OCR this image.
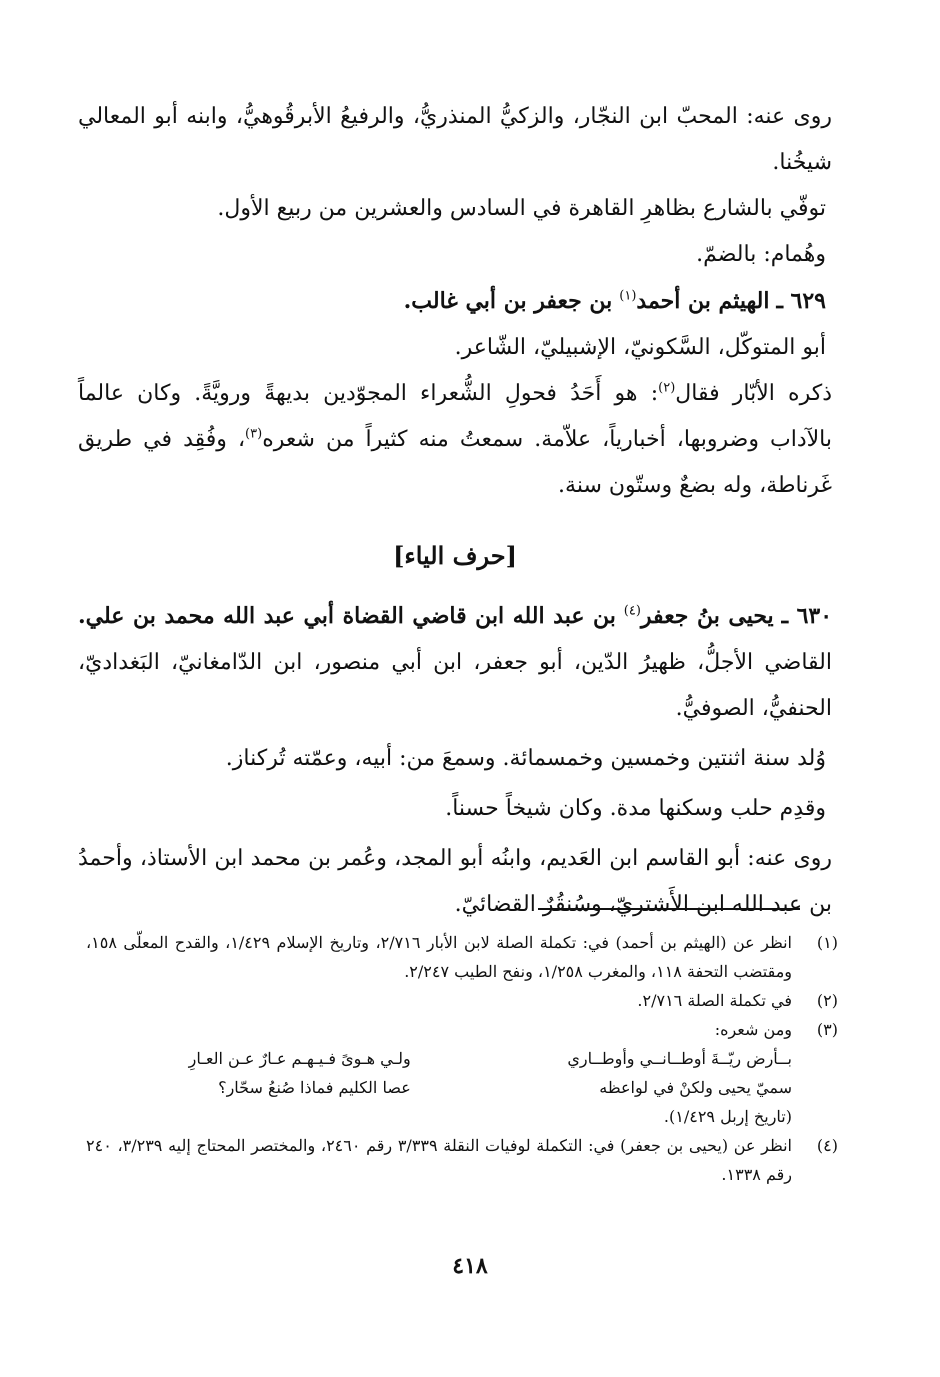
روى عنه: المحبّ ابن النجّار، والزكيُّ المنذريُّ، والرفيعُ الأبرقُوهيُّ، وابنه أبو المعالي شيخُنا.

توفّي بالشارع بظاهرِ القاهرة في السادس والعشرين من ربيع الأول.

وهُمام: بالضمّ.

٦٢٩ ـ الهيثم بن أحمد$^{(١)}$ بن جعفر بن أبي غالب.

أبو المتوكّل، السَّكونيّ، الإشبيليّ، الشّاعر.

ذكره الأبّار فقال$^{(٢)}$: هو أَحَدُ فحولِ الشُّعراء المجوّدين بديهةً ورويَّةً. وكان عالماً بالآداب وضروبها، أخبارياً، علاّمة. سمعتُ منه كثيراً من شعره$^{(٣)}$، وفُقِد في طريق غَرناطة، وله بضعٌ وستّون سنة.

[حرف الياء]

٦٣٠ ـ يحيى بنُ جعفر$^{(٤)}$ بن عبد الله ابن قاضي القضاة أبي عبد الله محمد بن علي. القاضي الأجلُّ، ظهيرُ الدّين، أبو جعفر، ابن أبي منصور، ابن الدّامغانيّ، البَغداديّ، الحنفيُّ، الصوفيُّ.

وُلد سنة اثنتين وخمسين وخمسمائة. وسمعَ من: أبيه، وعمّته تُركناز.

وقدِم حلب وسكنها مدة. وكان شيخاً حسناً.

روى عنه: أبو القاسم ابن العَديم، وابنُه أبو المجد، وعُمر بن محمد ابن الأستاذ، وأحمدُ بن عبد الله ابن الأَشتريّ، وسُنقُرٌ القضائيّ.

(١)
انظر عن (الهيثم بن أحمد) في: تكملة الصلة لابن الأبار ٢/٧١٦، وتاريخ الإسلام ١/٤٢٩، والقدح المعلّى ١٥٨، ومقتضب التحفة ١١٨، والمغرب ١/٢٥٨، ونفح الطيب ٢/٢٤٧.
(٢)
في تكملة الصلة ٢/٧١٦.
(٣)
ومن شعره:
بــأرض ريّــةَ أوطــانــي وأوطــاري
ولـي هـوىً فـيـهـم عـارٌ عـن العـارِ
سميّ يحيى ولكنْ في لواعظه
عصا الكليم فماذا صُنعُ سحّار؟
(تاريخ إربل ١/٤٢٩).
(٤)
انظر عن (يحيى بن جعفر) في: التكملة لوفيات النقلة ٣/٣٣٩ رقم ٢٤٦٠، والمختصر المحتاج إليه ٣/٢٣٩، ٢٤٠ رقم ١٣٣٨.
٤١٨
